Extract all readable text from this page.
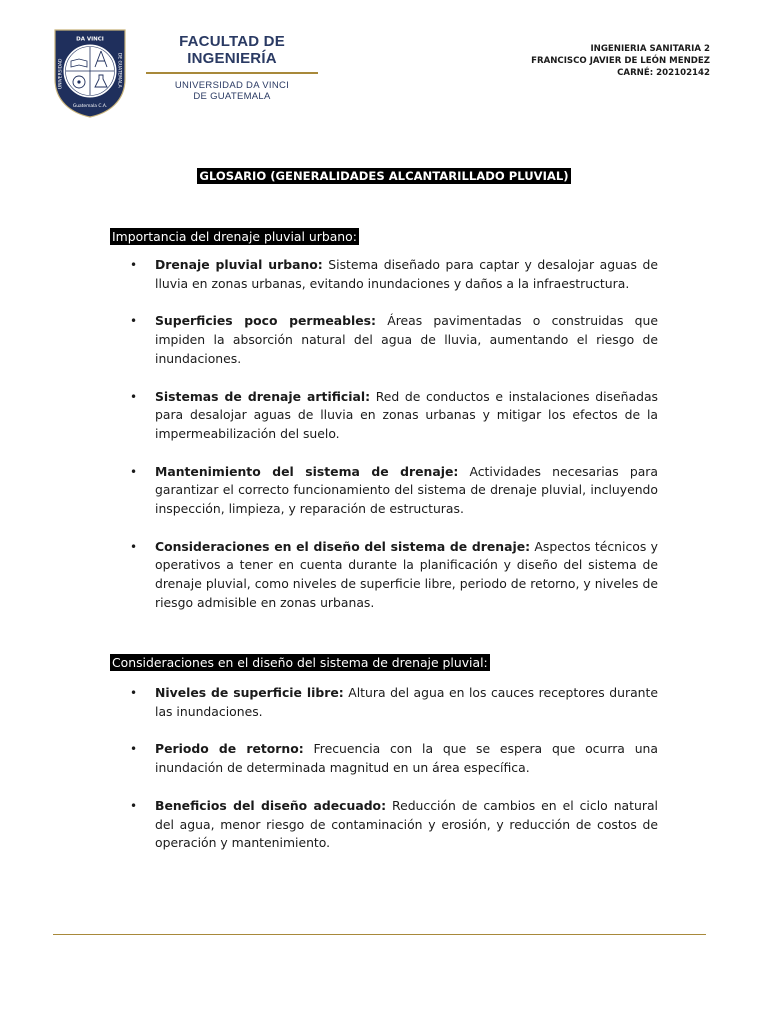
DA VINCI
UNIVERSIDAD	DE GUATEMALA
Guatemala C.A.
FACULTAD DE
INGENIERÍA
UNIVERSIDAD DA VINCI
DE GUATEMALA
INGENIERIA SANITARIA 2
FRANCISCO JAVIER DE LEÓN MENDEZ
CARNÉ: 202102142
GLOSARIO (GENERALIDADES ALCANTARILLADO PLUVIAL)
Importancia del drenaje pluvial urbano:
• Drenaje pluvial urbano: Sistema diseñado para captar y desalojar aguas de lluvia en zonas urbanas, evitando inundaciones y daños a la infraestructura.
• Superficies poco permeables: Áreas pavimentadas o construidas que impiden la absorción natural del agua de lluvia, aumentando el riesgo de inundaciones.
• Sistemas de drenaje artificial: Red de conductos e instalaciones diseñadas para desalojar aguas de lluvia en zonas urbanas y mitigar los efectos de la impermeabilización del suelo.
• Mantenimiento del sistema de drenaje: Actividades necesarias para garantizar el correcto funcionamiento del sistema de drenaje pluvial, incluyendo inspección, limpieza, y reparación de estructuras.
• Consideraciones en el diseño del sistema de drenaje: Aspectos técnicos y operativos a tener en cuenta durante la planificación y diseño del sistema de drenaje pluvial, como niveles de superficie libre, periodo de retorno, y niveles de riesgo admisible en zonas urbanas.
Consideraciones en el diseño del sistema de drenaje pluvial:
• Niveles de superficie libre: Altura del agua en los cauces receptores durante las inundaciones.
• Periodo de retorno: Frecuencia con la que se espera que ocurra una inundación de determinada magnitud en un área específica.
• Beneficios del diseño adecuado: Reducción de cambios en el ciclo natural del agua, menor riesgo de contaminación y erosión, y reducción de costos de operación y mantenimiento.
